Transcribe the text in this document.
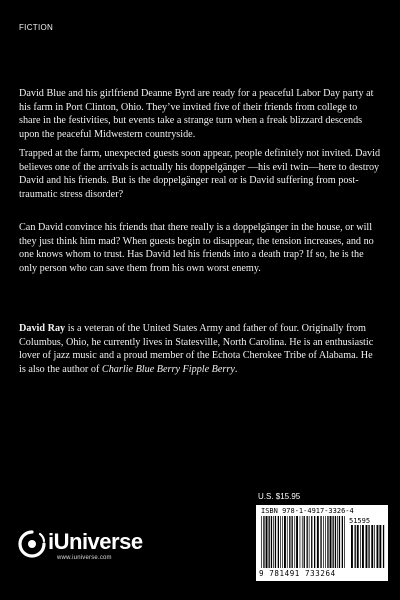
FICTION

David Blue and his girlfriend Deanne Byrd are ready for a peaceful Labor Day party at his farm in Port Clinton, Ohio. They’ve invited five of their friends from college to share in the festivities, but events take a strange turn when a freak blizzard descends upon the peaceful Midwestern countryside.

Trapped at the farm, unexpected guests soon appear, people definitely not invited. David believes one of the arrivals is actually his doppelgänger —his evil twin—here to destroy David and his friends. But is the doppelgänger real or is David suffering from post-traumatic stress disorder?

Can David convince his friends that there really is a doppelgänger in the house, or will they just think him mad? When guests begin to disappear, the tension increases, and no one knows whom to trust. Has David led his friends into a death trap? If so, he is the only person who can save them from his own worst enemy.

David Ray is a veteran of the United States Army and father of four. Originally from Columbus, Ohio, he currently lives in Statesville, North Carolina. He is an enthusiastic lover of jazz music and a proud member of the Echota Cherokee Tribe of Alabama. He is also the author of Charlie Blue Berry Fipple Berry.

iUniverse
www.iuniverse.com
U.S. $15.95
ISBN 978-1-4917-3326-4
51595
9 781491 733264
